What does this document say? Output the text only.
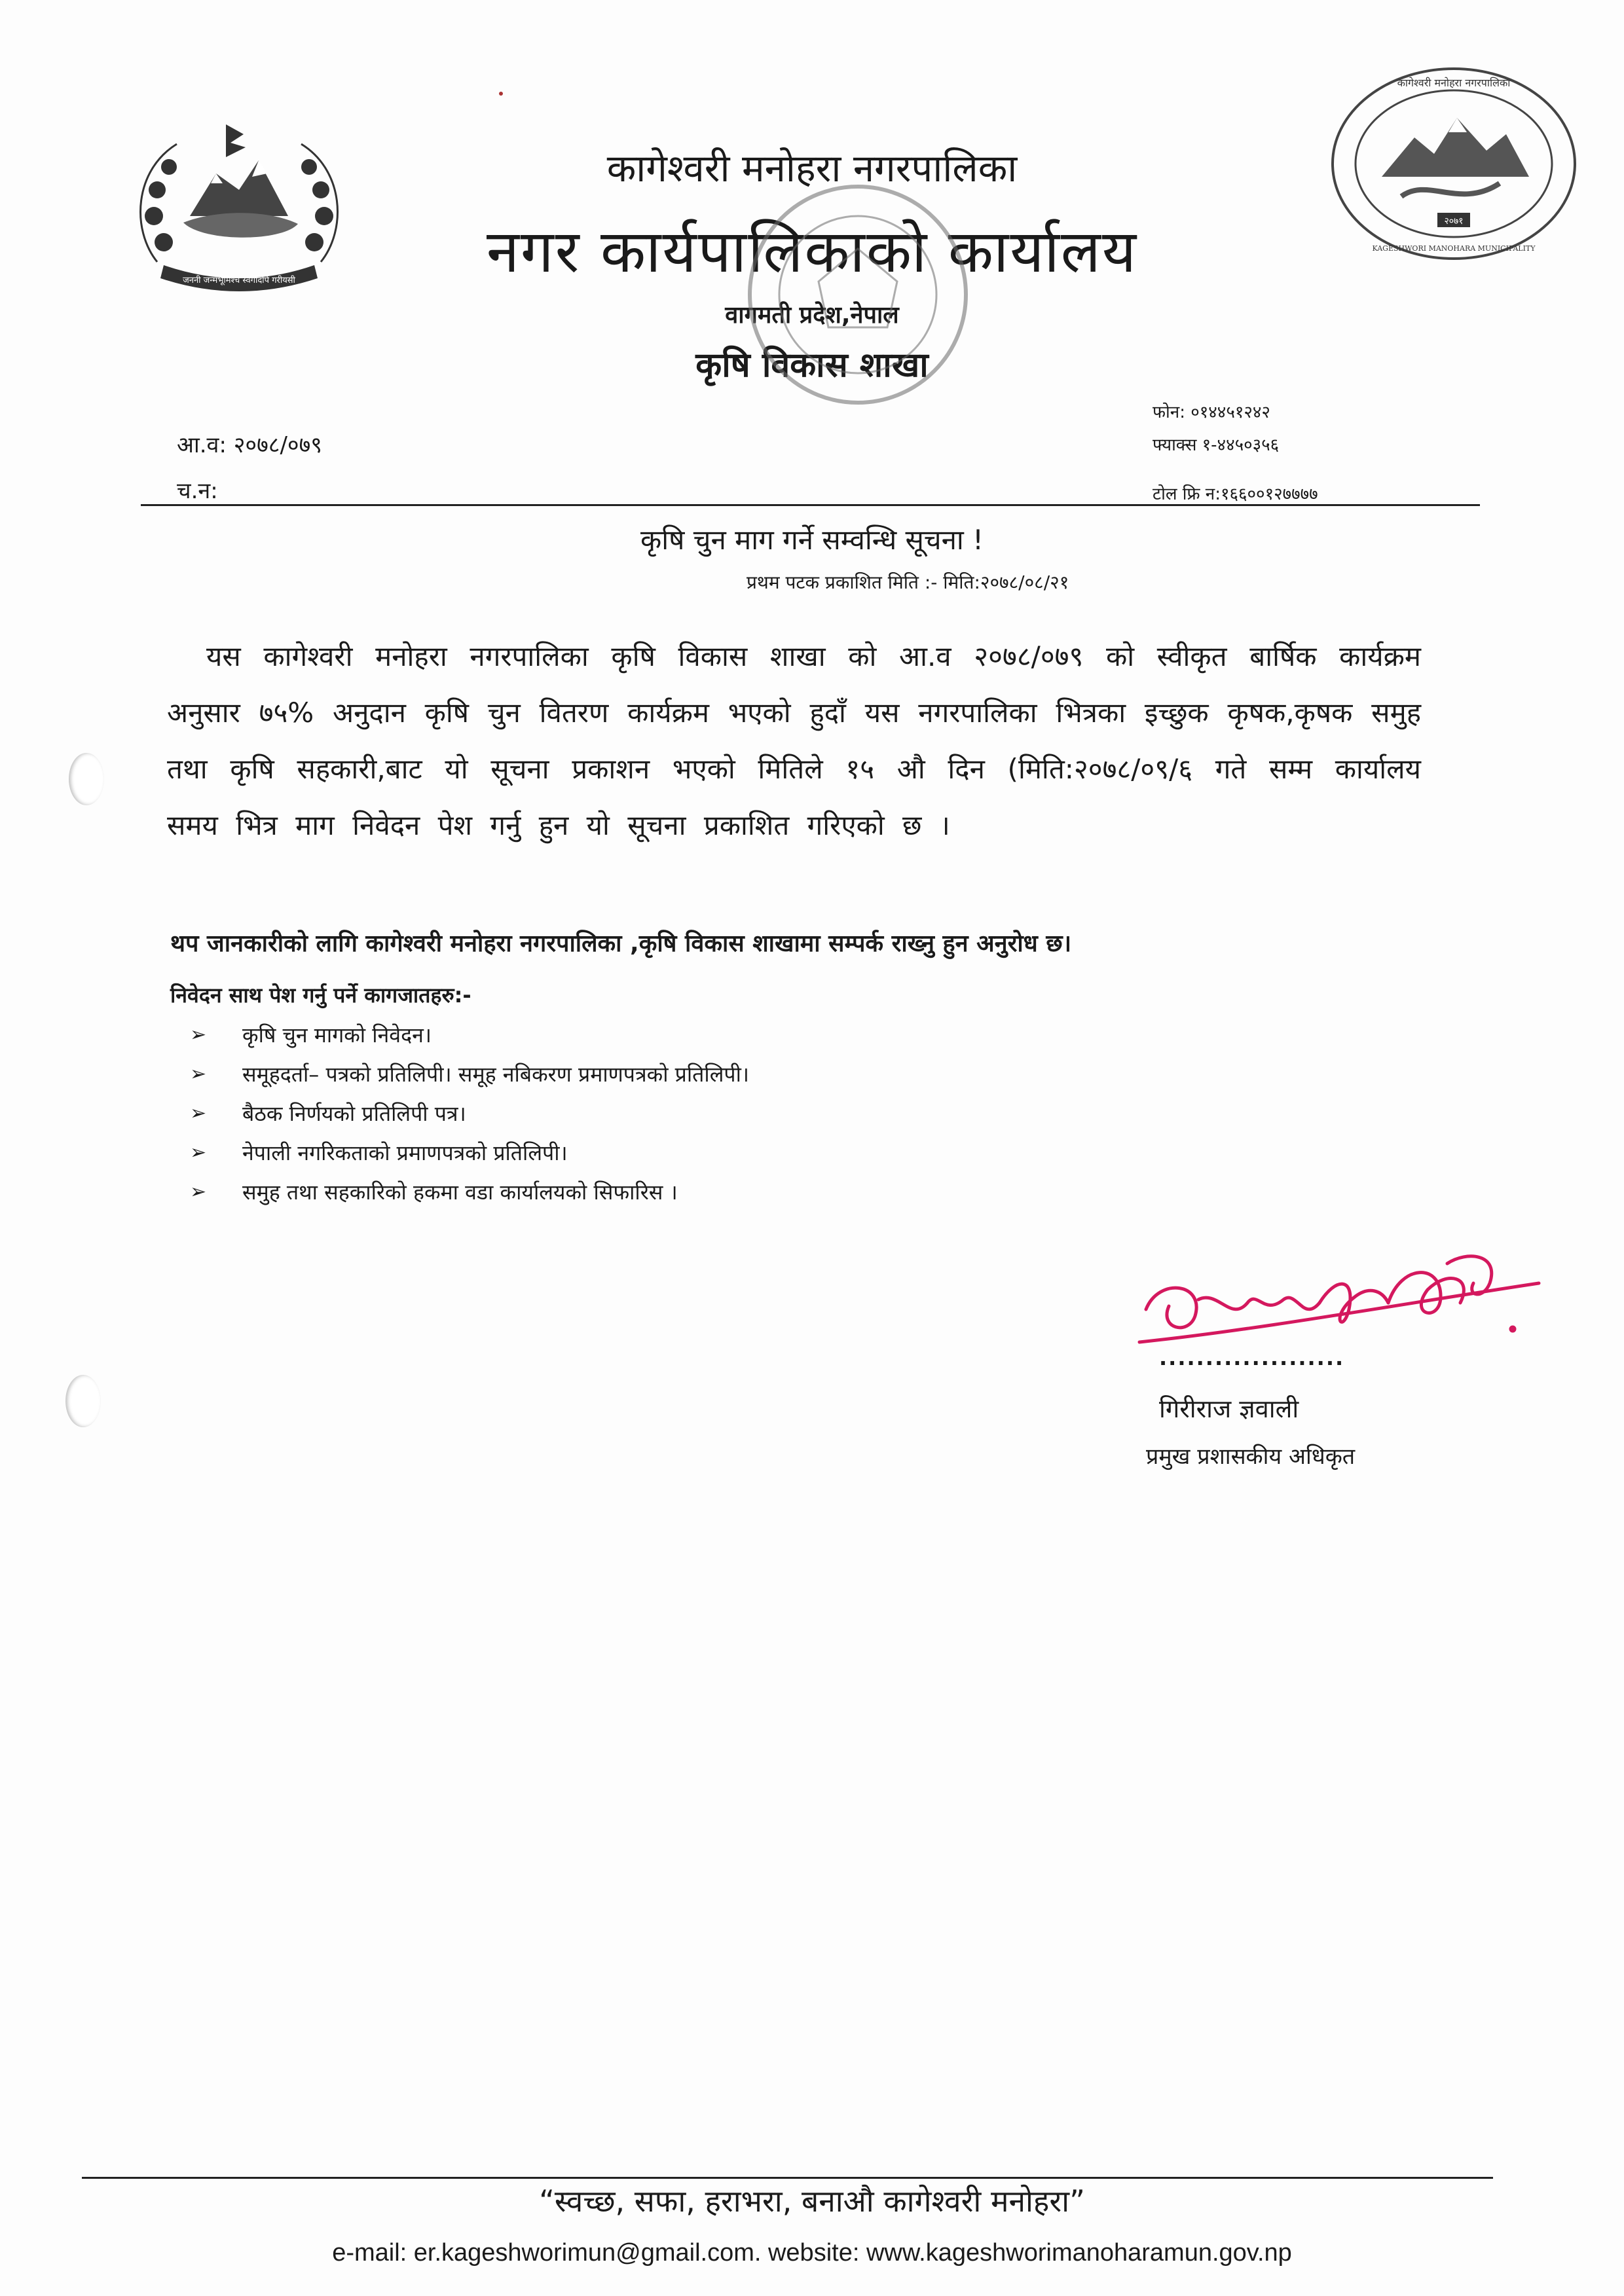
जननी जन्मभूमिश्च स्वर्गादपि गरीयसी
२०७१
कागेश्वरी मनोहरा नगरपालिका
KAGESHWORI MANOHARA MUNICIPALITY
कागेश्वरी मनोहरा नगरपालिका
नगर कार्यपालिकाको कार्यालय
वागमती प्रदेश,नेपाल
कृषि विकास शाखा
आ.व: २०७८/०७९
च.न:
फोन: ०१४४५१२४२
फ्याक्स १-४४५०३५६
टोल फ्रि न:१६६००१२७७७७
कृषि चुन माग गर्ने सम्वन्धि सूचना !
प्रथम पटक प्रकाशित मिति :- मिति:२०७८/०८/२१
यस कागेश्वरी मनोहरा नगरपालिका कृषि विकास शाखा को आ.व २०७८/०७९ को स्वीकृत बार्षिक कार्यक्रम अनुसार ७५% अनुदान कृषि चुन वितरण कार्यक्रम भएको हुदाँ यस नगरपालिका भित्रका इच्छुक कृषक,कृषक समुह तथा कृषि सहकारी,बाट यो सूचना प्रकाशन भएको मितिले १५ औ दिन (मिति:२०७८/०९/६ गते सम्म कार्यालय समय भित्र माग निवेदन पेश गर्नु हुन यो सूचना प्रकाशित गरिएको छ ।
थप जानकारीको लागि कागेश्वरी मनोहरा नगरपालिका ,कृषि विकास शाखामा सम्पर्क राख्नु हुन अनुरोध छ।
निवेदन साथ पेश गर्नु पर्ने कागजातहरु:-
➢	कृषि चुन मागको निवेदन।
➢	समूहदर्ता– पत्रको प्रतिलिपी। समूह नबिकरण प्रमाणपत्रको प्रतिलिपी।
➢	बैठक निर्णयको प्रतिलिपी पत्र।
➢	नेपाली नगरिकताको प्रमाणपत्रको प्रतिलिपी।
➢	समुह तथा सहकारिको हकमा वडा कार्यालयको सिफारिस ।
....................
गिरीराज ज्ञवाली
प्रमुख प्रशासकीय अधिकृत
“स्वच्छ, सफा, हराभरा, बनाऔ कागेश्वरी मनोहरा”
e-mail: er.kageshworimun@gmail.com. website: www.kageshworimanoharamun.gov.np
